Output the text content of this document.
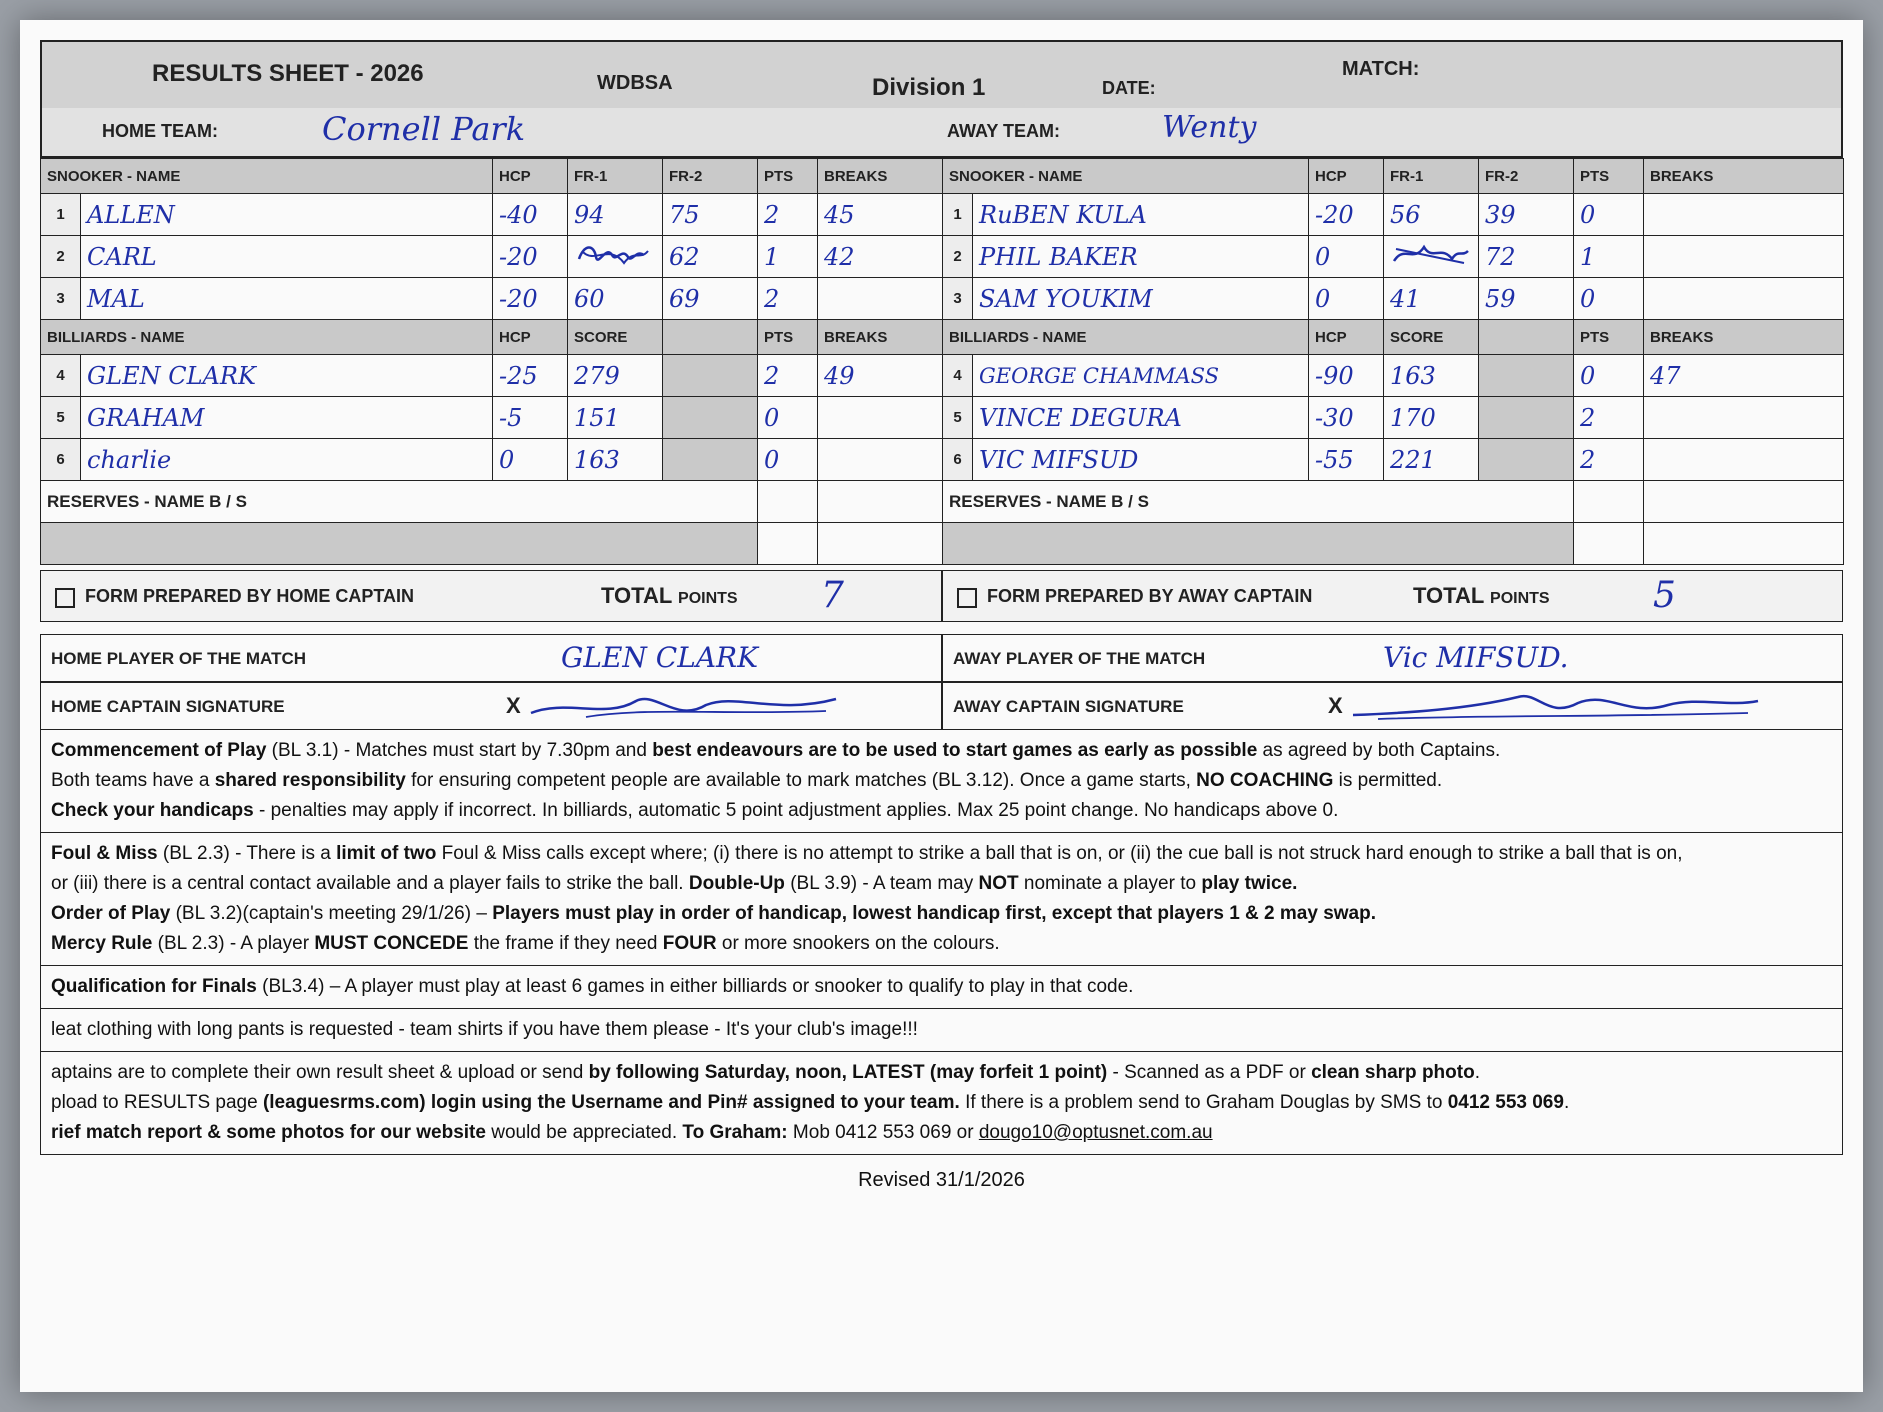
RESULTS SHEET - 2026	WDBSA	Division 1	DATE:
MATCH:
HOME TEAM:	Cornell Park	AWAY TEAM:	Wenty
SNOOKER - NAME		HCP	FR-1	FR-2	PTS	BREAKS
1	ALLEN	-40	94	75	2	45
2	CARL	-20		62	1	42
3	MAL	-20	60	69	2	
BILLIARDS - NAME		HCP	SCORE		PTS	BREAKS
4	GLEN CLARK	-25	279		2	49
5	GRAHAM	-5	151		0	
6	charlie	0	163		0	
RESERVES - NAME B / S						

FORM PREPARED BY HOME CAPTAIN	TOTAL POINTS 7
SNOOKER - NAME		HCP	FR-1	FR-2	PTS	BREAKS
1	RuBEN KULA	-20	56	39	0	
2	PHIL BAKER	0		72	1	
3	SAM YOUKIM	0	41	59	0	
BILLIARDS - NAME		HCP	SCORE		PTS	BREAKS
4	GEORGE CHAMMASS	-90	163		0	47
5	VINCE DEGURA	-30	170		2	
6	VIC MIFSUD	-55	221		2	
RESERVES - NAME B / S						

FORM PREPARED BY AWAY CAPTAIN	TOTAL POINTS	5
HOME PLAYER OF THE MATCH	GLEN CLARK	AWAY PLAYER OF THE MATCH	Vic MIFSUD.
HOME CAPTAIN SIGNATURE	X	AWAY CAPTAIN SIGNATURE	X

Commencement of Play (BL 3.1) - Matches must start by 7.30pm and best endeavours are to be used to start games as early as possible as agreed by both Captains.

Both teams have a shared responsibility for ensuring competent people are available to mark matches (BL 3.12). Once a game starts, NO COACHING is permitted.

Check your handicaps - penalties may apply if incorrect. In billiards, automatic 5 point adjustment applies. Max 25 point change. No handicaps above 0.

Foul & Miss (BL 2.3) - There is a limit of two Foul & Miss calls except where; (i) there is no attempt to strike a ball that is on, or (ii) the cue ball is not struck hard enough to strike a ball that is on,

or (iii) there is a central contact available and a player fails to strike the ball. Double-Up (BL 3.9) - A team may NOT nominate a player to play twice.

Order of Play (BL 3.2)(captain's meeting 29/1/26) – Players must play in order of handicap, lowest handicap first, except that players 1 & 2 may swap.

Mercy Rule (BL 2.3) - A player MUST CONCEDE the frame if they need FOUR or more snookers on the colours.

Qualification for Finals (BL3.4) – A player must play at least 6 games in either billiards or snooker to qualify to play in that code.

leat clothing with long pants is requested - team shirts if you have them please - It's your club's image!!!

aptains are to complete their own result sheet & upload or send by following Saturday, noon, LATEST (may forfeit 1 point) - Scanned as a PDF or clean sharp photo.

pload to RESULTS page (leaguesrms.com) login using the Username and Pin# assigned to your team. If there is a problem send to Graham Douglas by SMS to 0412 553 069.

rief match report & some photos for our website would be appreciated. To Graham: Mob 0412 553 069 or dougo10@optusnet.com.au

Revised 31/1/2026
